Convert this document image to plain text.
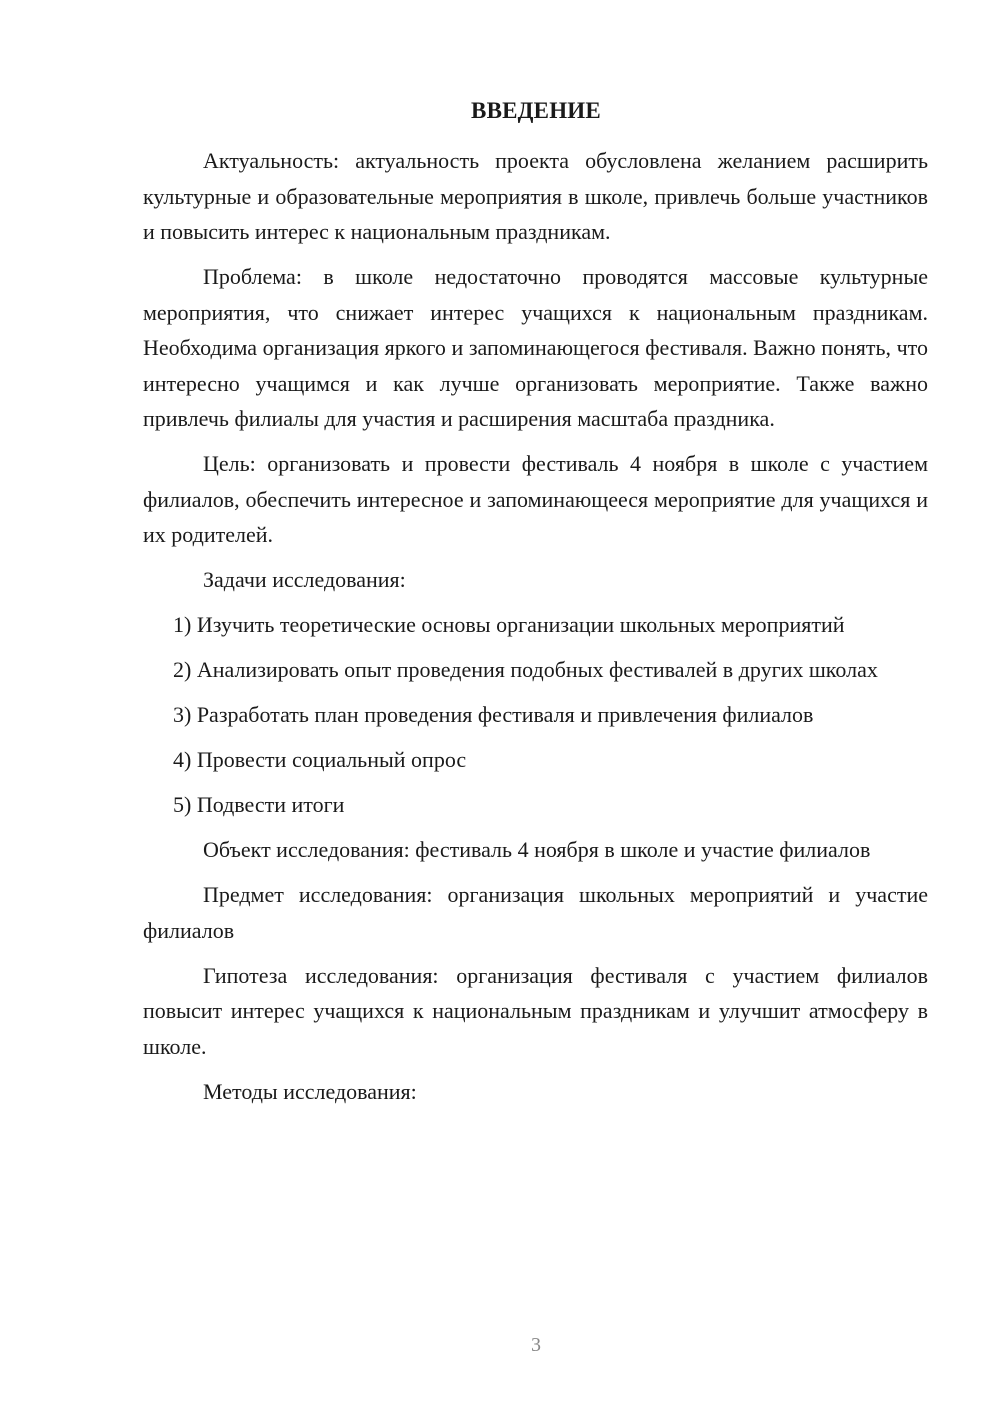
ВВЕДЕНИЕ

Актуальность: актуальность проекта обусловлена желанием расширить культурные и образовательные мероприятия в школе, привлечь больше участников и повысить интерес к национальным праздникам.

Проблема: в школе недостаточно проводятся массовые культурные мероприятия, что снижает интерес учащихся к национальным праздникам. Необходима организация яркого и запоминающегося фестиваля. Важно понять, что интересно учащимся и как лучше организовать мероприятие. Также важно привлечь филиалы для участия и расширения масштаба праздника.

Цель: организовать и провести фестиваль 4 ноября в школе с участием филиалов, обеспечить интересное и запоминающееся мероприятие для учащихся и их родителей.

Задачи исследования:

1) Изучить теоретические основы организации школьных мероприятий

2) Анализировать опыт проведения подобных фестивалей в других школах

3) Разработать план проведения фестиваля и привлечения филиалов

4) Провести социальный опрос

5) Подвести итоги

Объект исследования: фестиваль 4 ноября в школе и участие филиалов

Предмет исследования: организация школьных мероприятий и участие филиалов

Гипотеза исследования: организация фестиваля с участием филиалов повысит интерес учащихся к национальным праздникам и улучшит атмосферу в школе.

Методы исследования:

3
